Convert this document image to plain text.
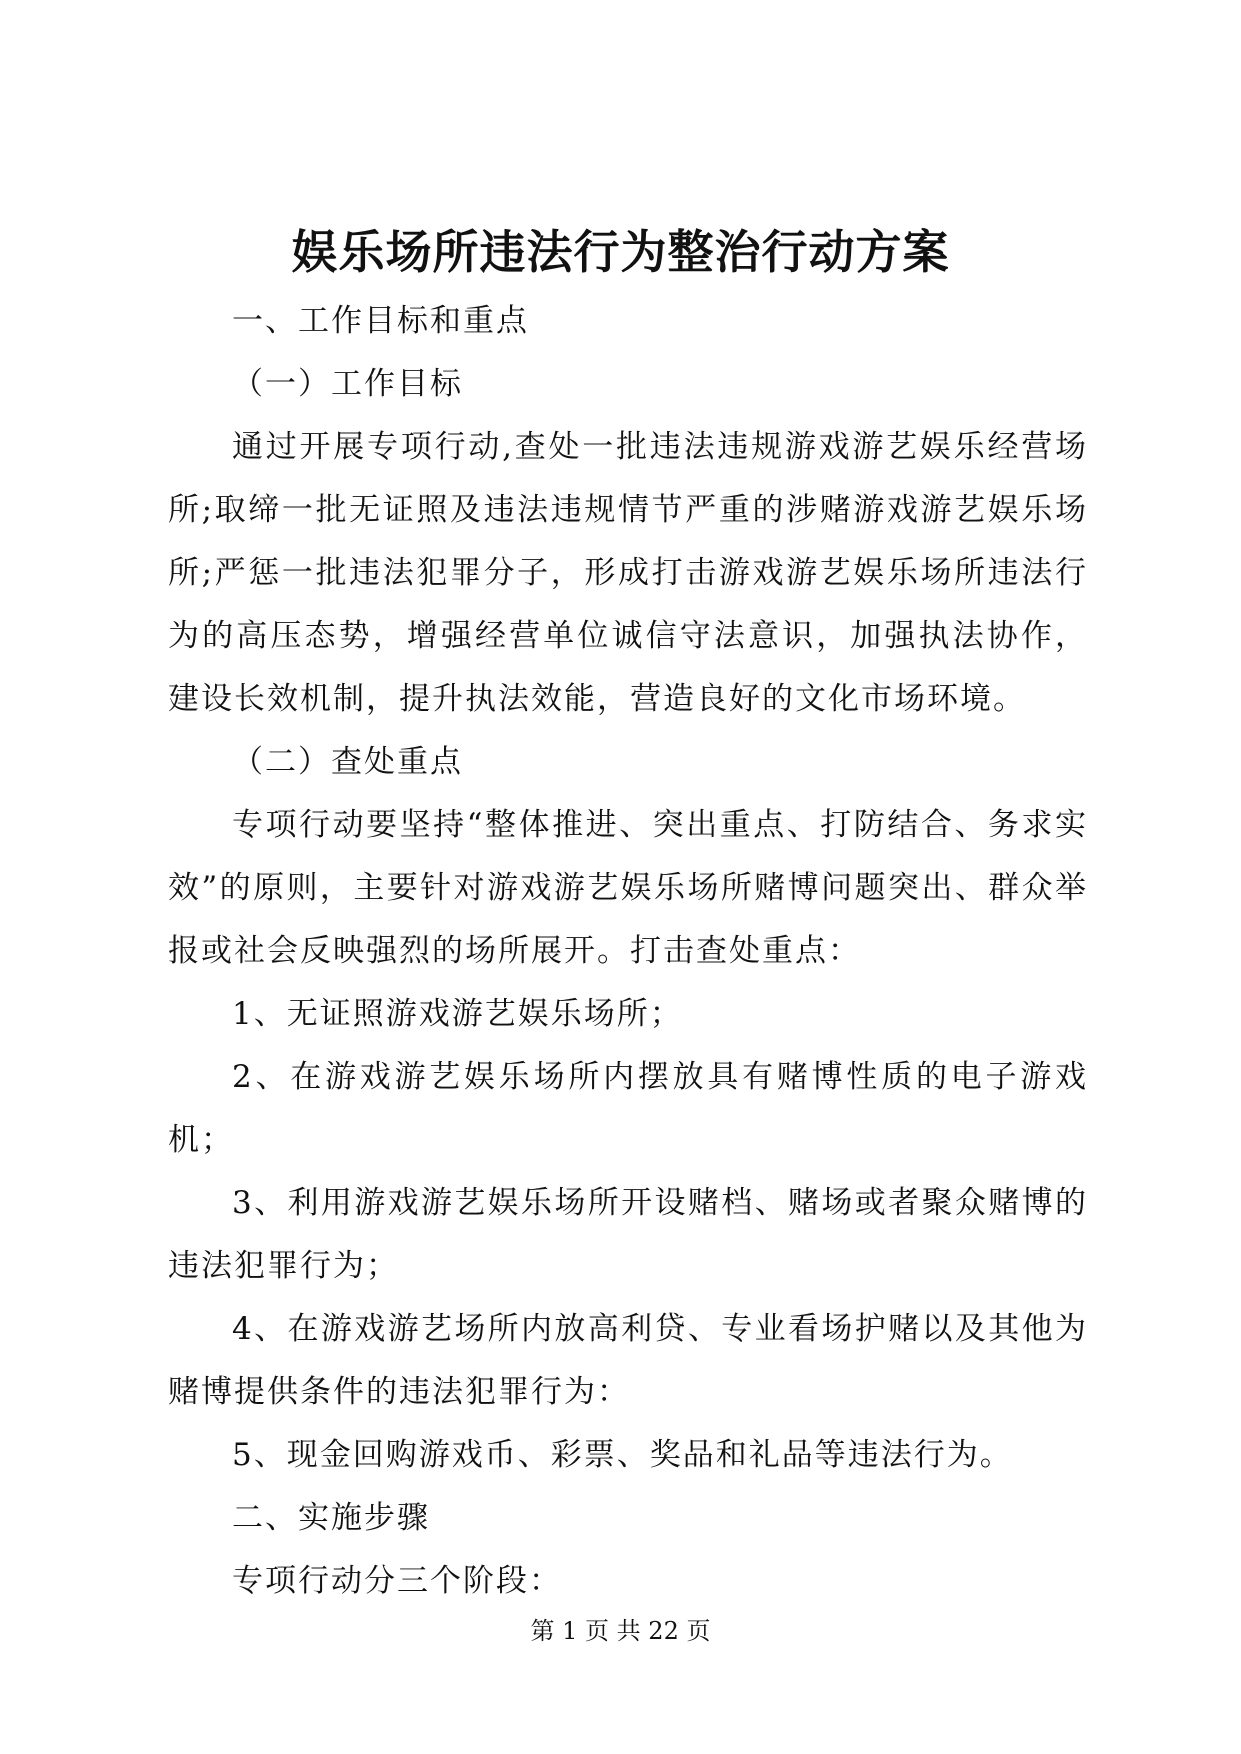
娱乐场所违法行为整治行动方案

一、工作目标和重点

（一）工作目标

通过开展专项行动,查处一批违法违规游戏游艺娱乐经营场所;取缔一批无证照及违法违规情节严重的涉赌游戏游艺娱乐场所;严惩一批违法犯罪分子，形成打击游戏游艺娱乐场所违法行为的高压态势，增强经营单位诚信守法意识，加强执法协作，建设长效机制，提升执法效能，营造良好的文化市场环境。

（二）查处重点

专项行动要坚持“整体推进、突出重点、打防结合、务求实效”的原则，主要针对游戏游艺娱乐场所赌博问题突出、群众举报或社会反映强烈的场所展开。打击查处重点：

1、无证照游戏游艺娱乐场所；

2、在游戏游艺娱乐场所内摆放具有赌博性质的电子游戏机；

3、利用游戏游艺娱乐场所开设赌档、赌场或者聚众赌博的违法犯罪行为；

4、在游戏游艺场所内放高利贷、专业看场护赌以及其他为赌博提供条件的违法犯罪行为：

5、现金回购游戏币、彩票、奖品和礼品等违法行为。

二、实施步骤

专项行动分三个阶段：

第 1 页 共 22 页
